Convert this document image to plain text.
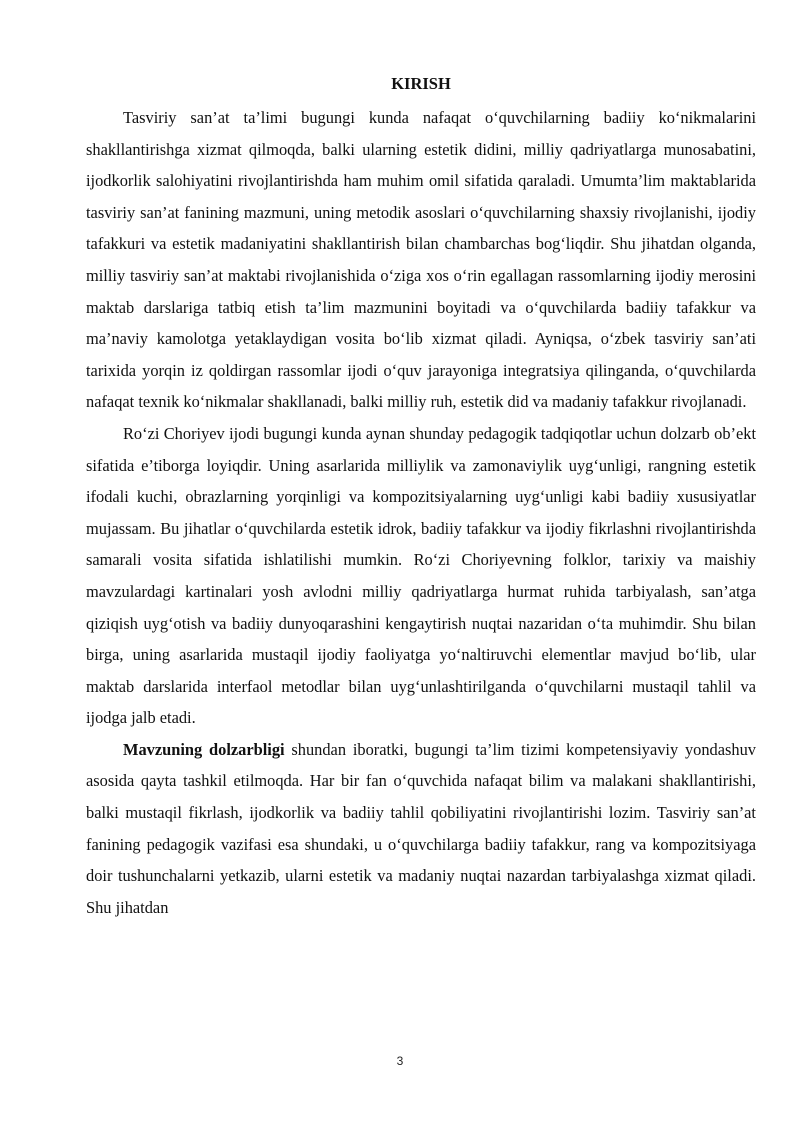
KIRISH

Tasviriy san’at ta’limi bugungi kunda nafaqat o‘quvchilarning badiiy ko‘nikmalarini shakllantirishga xizmat qilmoqda, balki ularning estetik didini, milliy qadriyatlarga munosabatini, ijodkorlik salohiyatini rivojlantirishda ham muhim omil sifatida qaraladi. Umumta’lim maktablarida tasviriy san’at fanining mazmuni, uning metodik asoslari o‘quvchilarning shaxsiy rivojlanishi, ijodiy tafakkuri va estetik madaniyatini shakllantirish bilan chambarchas bog‘liqdir. Shu jihatdan olganda, milliy tasviriy san’at maktabi rivojlanishida o‘ziga xos o‘rin egallagan rassomlarning ijodiy merosini maktab darslariga tatbiq etish ta’lim mazmunini boyitadi va o‘quvchilarda badiiy tafakkur va ma’naviy kamolotga yetaklaydigan vosita bo‘lib xizmat qiladi. Ayniqsa, o‘zbek tasviriy san’ati tarixida yorqin iz qoldirgan rassomlar ijodi o‘quv jarayoniga integratsiya qilinganda, o‘quvchilarda nafaqat texnik ko‘nikmalar shakllanadi, balki milliy ruh, estetik did va madaniy tafakkur rivojlanadi.

Ro‘zi Choriyev ijodi bugungi kunda aynan shunday pedagogik tadqiqotlar uchun dolzarb ob’ekt sifatida e’tiborga loyiqdir. Uning asarlarida milliylik va zamonaviylik uyg‘unligi, rangning estetik ifodali kuchi, obrazlarning yorqinligi va kompozitsiyalarning uyg‘unligi kabi badiiy xususiyatlar mujassam. Bu jihatlar o‘quvchilarda estetik idrok, badiiy tafakkur va ijodiy fikrlashni rivojlantirishda samarali vosita sifatida ishlatilishi mumkin. Ro‘zi Choriyevning folklor, tarixiy va maishiy mavzulardagi kartinalari yosh avlodni milliy qadriyatlarga hurmat ruhida tarbiyalash, san’atga qiziqish uyg‘otish va badiiy dunyoqarashini kengaytirish nuqtai nazaridan o‘ta muhimdir. Shu bilan birga, uning asarlarida mustaqil ijodiy faoliyatga yo‘naltiruvchi elementlar mavjud bo‘lib, ular maktab darslarida interfaol metodlar bilan uyg‘unlashtirilganda o‘quvchilarni mustaqil tahlil va ijodga jalb etadi.

Mavzuning dolzarbligi shundan iboratki, bugungi ta’lim tizimi kompetensiyaviy yondashuv asosida qayta tashkil etilmoqda. Har bir fan o‘quvchida nafaqat bilim va malakani shakllantirishi, balki mustaqil fikrlash, ijodkorlik va badiiy tahlil qobiliyatini rivojlantirishi lozim. Tasviriy san’at fanining pedagogik vazifasi esa shundaki, u o‘quvchilarga badiiy tafakkur, rang va kompozitsiyaga doir tushunchalarni yetkazib, ularni estetik va madaniy nuqtai nazardan tarbiyalashga xizmat qiladi. Shu jihatdan

3
